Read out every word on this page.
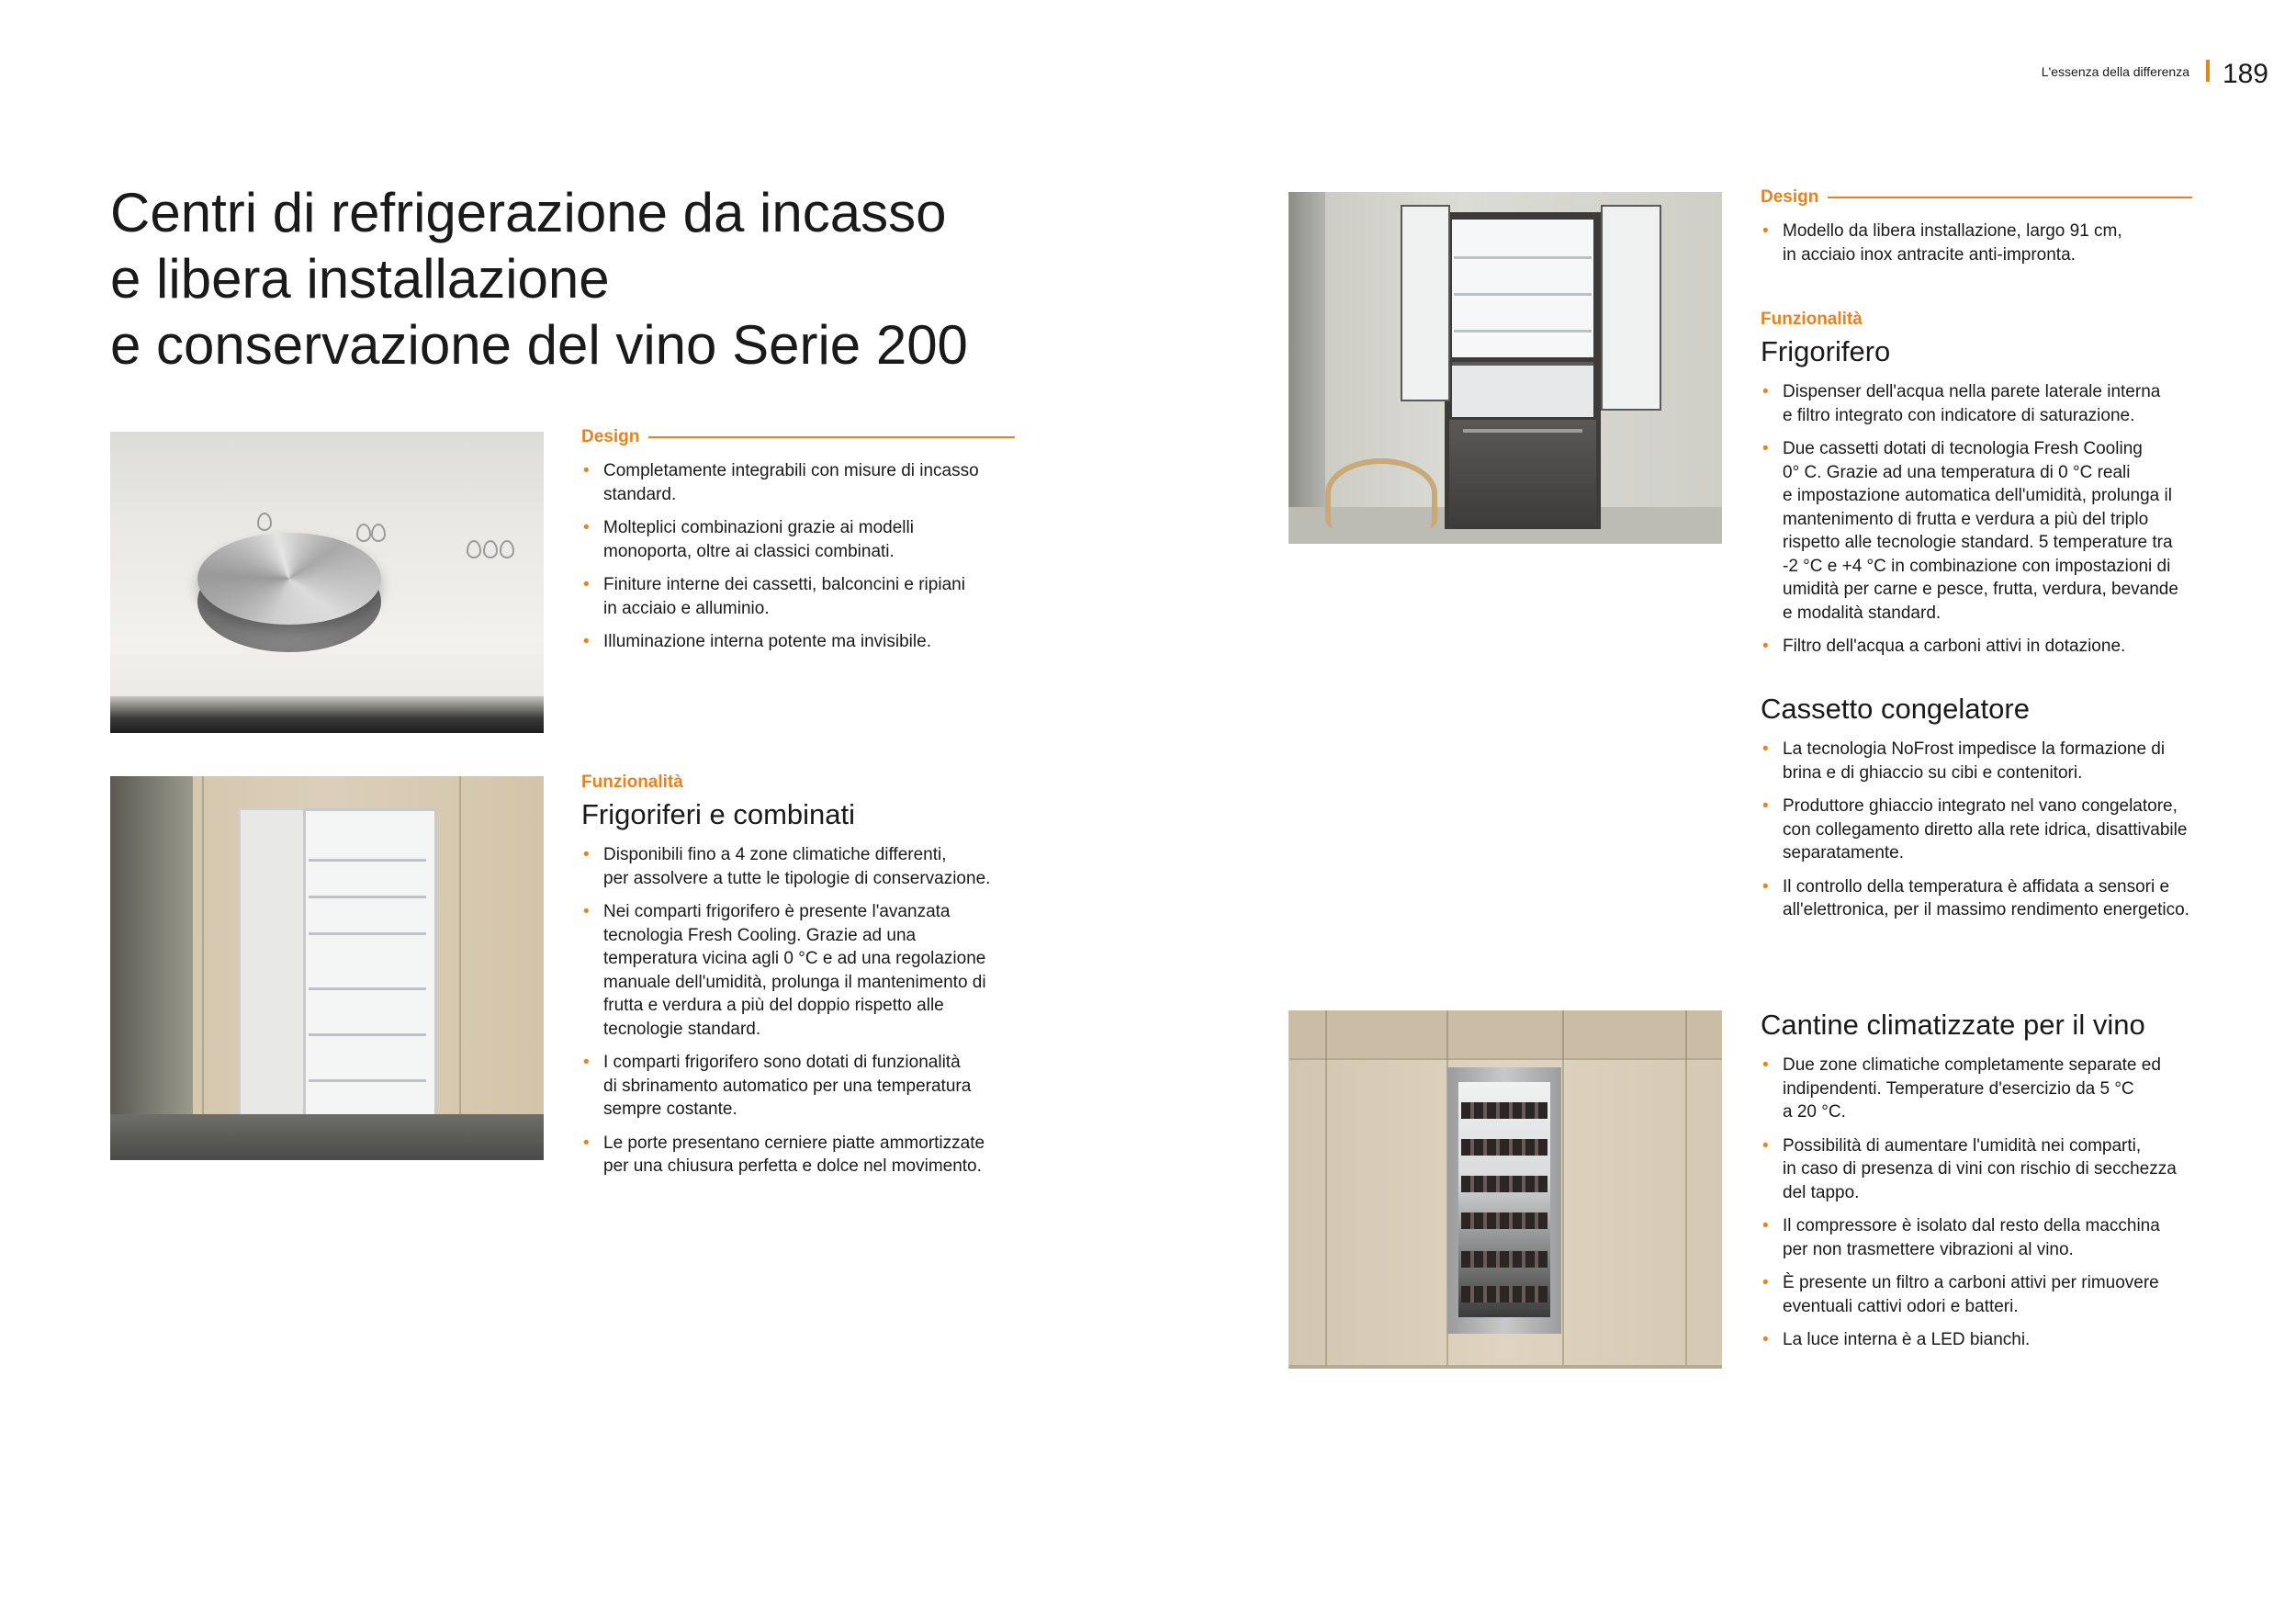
L'essenza della differenza 189
Centri di refrigerazione da incasso
e libera installazione
e conservazione del vino Serie 200
Design
• Completamente integrabili con misure di incasso
standard.
• Molteplici combinazioni grazie ai modelli
monoporta, oltre ai classici combinati.
• Finiture interne dei cassetti, balconcini e ripiani
in acciaio e alluminio.
• Illuminazione interna potente ma invisibile.
Funzionalità
Frigoriferi e combinati
• Disponibili fino a 4 zone climatiche differenti,
per assolvere a tutte le tipologie di conservazione.
• Nei comparti frigorifero è presente l'avanzata
tecnologia Fresh Cooling. Grazie ad una
temperatura vicina agli 0 °C e ad una regolazione
manuale dell'umidità, prolunga il mantenimento di
frutta e verdura a più del doppio rispetto alle
tecnologie standard.
• I comparti frigorifero sono dotati di funzionalità
di sbrinamento automatico per una temperatura
sempre costante.
• Le porte presentano cerniere piatte ammortizzate
per una chiusura perfetta e dolce nel movimento.
Design
• Modello da libera installazione, largo 91 cm,
in acciaio inox antracite anti-impronta.
Funzionalità
Frigorifero
• Dispenser dell'acqua nella parete laterale interna
e filtro integrato con indicatore di saturazione.
• Due cassetti dotati di tecnologia Fresh Cooling
0° C. Grazie ad una temperatura di 0 °C reali
e impostazione automatica dell'umidità, prolunga il
mantenimento di frutta e verdura a più del triplo
rispetto alle tecnologie standard. 5 temperature tra
-2 °C e +4 °C in combinazione con impostazioni di
umidità per carne e pesce, frutta, verdura, bevande
e modalità standard.
• Filtro dell'acqua a carboni attivi in dotazione.
Cassetto congelatore
• La tecnologia NoFrost impedisce la formazione di
brina e di ghiaccio su cibi e contenitori.
• Produttore ghiaccio integrato nel vano congelatore,
con collegamento diretto alla rete idrica, disattivabile
separatamente.
• Il controllo della temperatura è affidata a sensori e
all'elettronica, per il massimo rendimento energetico.
Cantine climatizzate per il vino
• Due zone climatiche completamente separate ed
indipendenti. Temperature d'esercizio da 5 °C
a 20 °C.
• Possibilità di aumentare l'umidità nei comparti,
in caso di presenza di vini con rischio di secchezza
del tappo.
• Il compressore è isolato dal resto della macchina
per non trasmettere vibrazioni al vino.
• È presente un filtro a carboni attivi per rimuovere
eventuali cattivi odori e batteri.
• La luce interna è a LED bianchi.
